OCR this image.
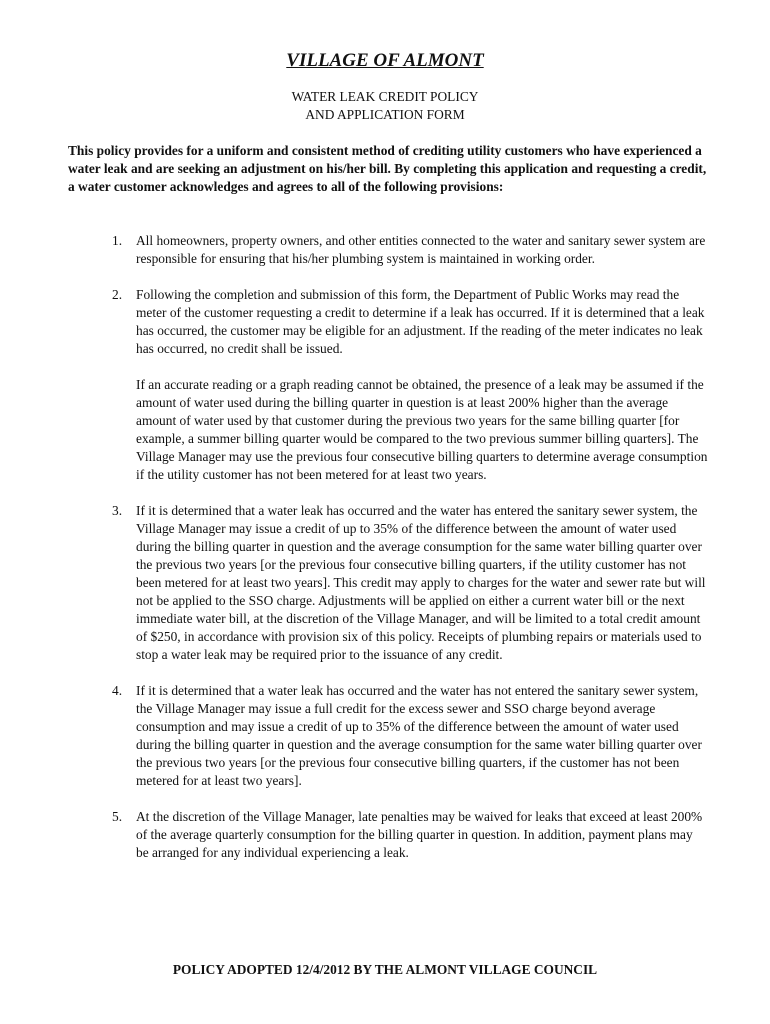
VILLAGE OF ALMONT
WATER LEAK CREDIT POLICY
AND APPLICATION FORM
This policy provides for a uniform and consistent method of crediting utility customers who have experienced a water leak and are seeking an adjustment on his/her bill. By completing this application and requesting a credit, a water customer acknowledges and agrees to all of the following provisions:
1. All homeowners, property owners, and other entities connected to the water and sanitary sewer system are responsible for ensuring that his/her plumbing system is maintained in working order.

2. Following the completion and submission of this form, the Department of Public Works may read the meter of the customer requesting a credit to determine if a leak has occurred. If it is determined that a leak has occurred, the customer may be eligible for an adjustment. If the reading of the meter indicates no leak has occurred, no credit shall be issued.

If an accurate reading or a graph reading cannot be obtained, the presence of a leak may be assumed if the amount of water used during the billing quarter in question is at least 200% higher than the average amount of water used by that customer during the previous two years for the same billing quarter [for example, a summer billing quarter would be compared to the two previous summer billing quarters]. The Village Manager may use the previous four consecutive billing quarters to determine average consumption if the utility customer has not been metered for at least two years.

3. If it is determined that a water leak has occurred and the water has entered the sanitary sewer system, the Village Manager may issue a credit of up to 35% of the difference between the amount of water used during the billing quarter in question and the average consumption for the same water billing quarter over the previous two years [or the previous four consecutive billing quarters, if the utility customer has not been metered for at least two years]. This credit may apply to charges for the water and sewer rate but will not be applied to the SSO charge. Adjustments will be applied on either a current water bill or the next immediate water bill, at the discretion of the Village Manager, and will be limited to a total credit amount of $250, in accordance with provision six of this policy. Receipts of plumbing repairs or materials used to stop a water leak may be required prior to the issuance of any credit.

4. If it is determined that a water leak has occurred and the water has not entered the sanitary sewer system, the Village Manager may issue a full credit for the excess sewer and SSO charge beyond average consumption and may issue a credit of up to 35% of the difference between the amount of water used during the billing quarter in question and the average consumption for the same water billing quarter over the previous two years [or the previous four consecutive billing quarters, if the customer has not been metered for at least two years].

5. At the discretion of the Village Manager, late penalties may be waived for leaks that exceed at least 200% of the average quarterly consumption for the billing quarter in question. In addition, payment plans may be arranged for any individual experiencing a leak.

POLICY ADOPTED 12/4/2012 BY THE ALMONT VILLAGE COUNCIL
